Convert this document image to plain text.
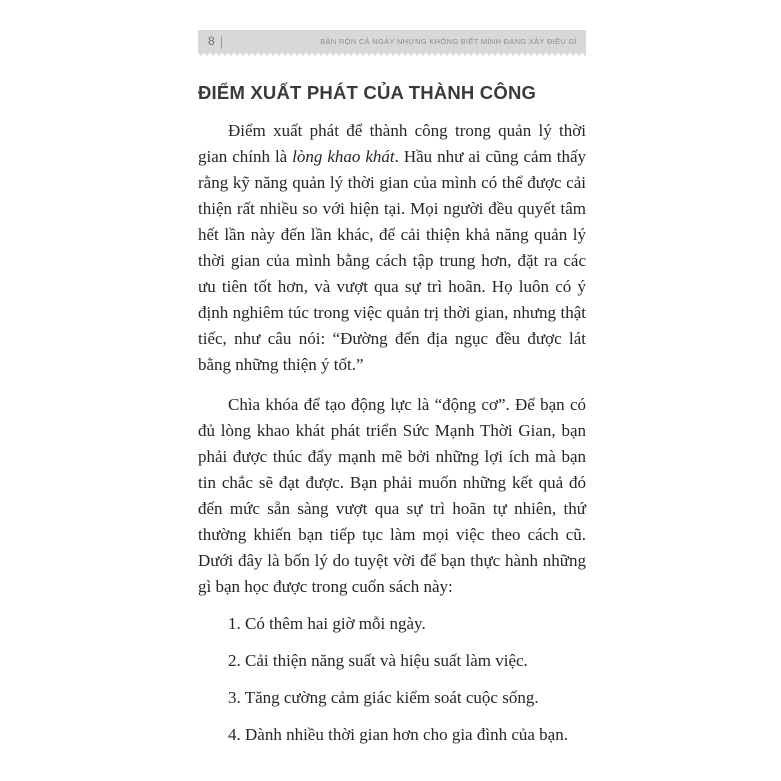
8 |	BẬN RỘN CẢ NGÀY NHƯNG KHÔNG BIẾT MÌNH ĐANG XÂY ĐIỀU GÌ
ĐIỂM XUẤT PHÁT CỦA THÀNH CÔNG

Điểm xuất phát để thành công trong quản lý thời gian chính là lòng khao khát. Hầu như ai cũng cảm thấy rằng kỹ năng quản lý thời gian của mình có thể được cải thiện rất nhiều so với hiện tại. Mọi người đều quyết tâm hết lần này đến lần khác, để cải thiện khả năng quản lý thời gian của mình bằng cách tập trung hơn, đặt ra các ưu tiên tốt hơn, và vượt qua sự trì hoãn. Họ luôn có ý định nghiêm túc trong việc quản trị thời gian, nhưng thật tiếc, như câu nói: “Đường đến địa ngục đều được lát bằng những thiện ý tốt.”

Chìa khóa để tạo động lực là “động cơ”. Để bạn có đủ lòng khao khát phát triển Sức Mạnh Thời Gian, bạn phải được thúc đẩy mạnh mẽ bởi những lợi ích mà bạn tin chắc sẽ đạt được. Bạn phải muốn những kết quả đó đến mức sẵn sàng vượt qua sự trì hoãn tự nhiên, thứ thường khiến bạn tiếp tục làm mọi việc theo cách cũ. Dưới đây là bốn lý do tuyệt vời để bạn thực hành những gì bạn học được trong cuốn sách này:

1. Có thêm hai giờ mỗi ngày.
2. Cải thiện năng suất và hiệu suất làm việc.
3. Tăng cường cảm giác kiểm soát cuộc sống.
4. Dành nhiều thời gian hơn cho gia đình của bạn.
